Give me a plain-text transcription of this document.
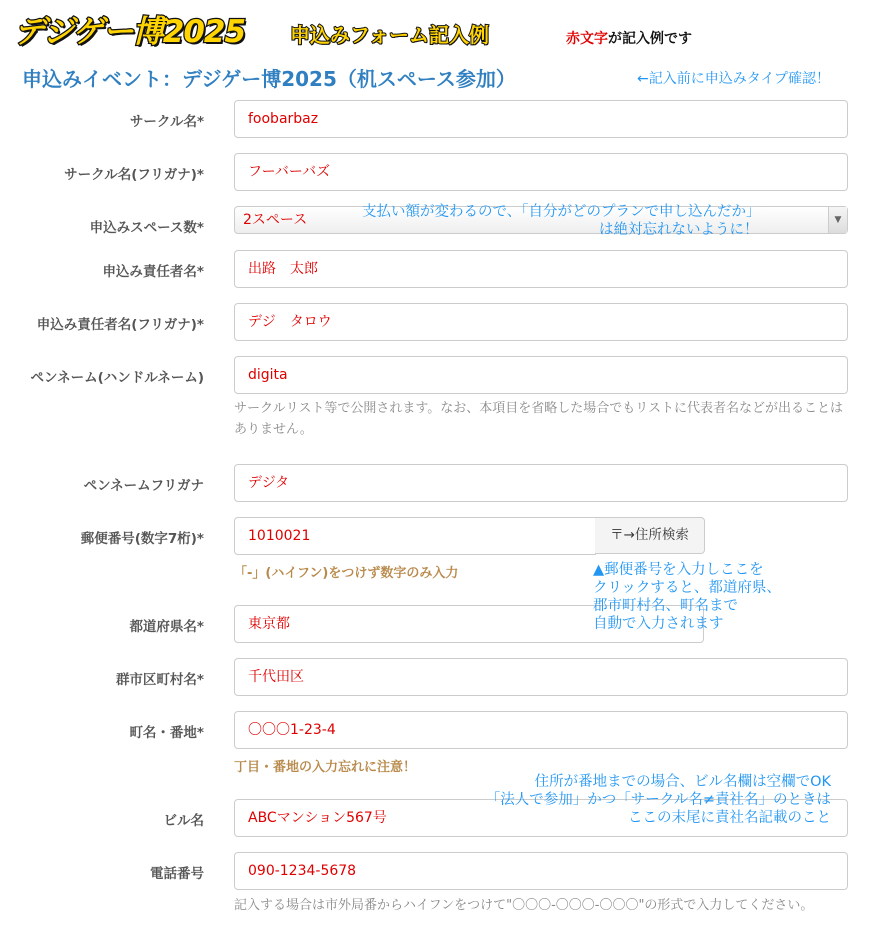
デジゲー博2025 申込みフォーム記入例	赤文字が記入例です
申込みイベント：デジゲー博2025（机スペース参加）	←記入前に申込みタイプ確認！
サークル名*	foobarbaz
サークル名(フリガナ)*	フーバーバズ
申込みスペース数*	2スペース	▼
申込み責任者名*	出路　太郎
申込み責任者名(フリガナ)*	デジ　タロウ
ペンネーム(ハンドルネーム)	digita
サークルリスト等で公開されます。なお、本項目を省略した場合でもリストに代表者名などが出ることはありません。
ペンネームフリガナ	デジタ
郵便番号(数字7桁)*	1010021	〒→住所検索
「-」(ハイフン)をつけず数字のみ入力
都道府県名*	東京都
群市区町村名*	千代田区
町名・番地*	〇〇〇1-23-4
丁目・番地の入力忘れに注意！
ビル名	ABCマンション567号
電話番号	090-1234-5678
記入する場合は市外局番からハイフンをつけて"〇〇〇-〇〇〇-〇〇〇"の形式で入力してください。
支払い額が変わるので、「自分がどのプランで申し込んだか」
は絶対忘れないように！
▲郵便番号を入力しここを
クリックすると、都道府県、
郡市町村名、町名まで
自動で入力されます
住所が番地までの場合、ビル名欄は空欄でOK
「法人で参加」かつ「サークル名≠責社名」のときは
ここの末尾に責社名記載のこと
